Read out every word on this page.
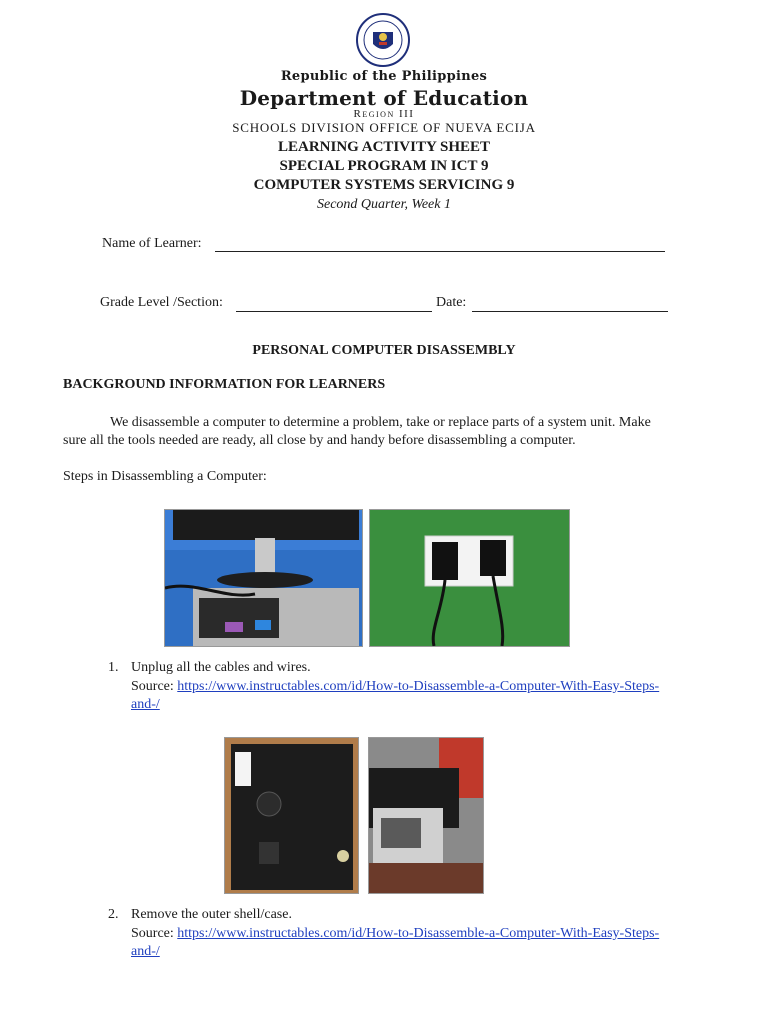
Republic of the Philippines
Department of Education
Region III
SCHOOLS DIVISION OFFICE OF NUEVA ECIJA
LEARNING ACTIVITY SHEET
SPECIAL PROGRAM IN ICT 9
COMPUTER SYSTEMS SERVICING 9
Second Quarter, Week 1
Name of Learner:
Grade Level /Section:	Date:
PERSONAL COMPUTER DISASSEMBLY
BACKGROUND INFORMATION FOR LEARNERS
We disassemble a computer to determine a problem, take or replace parts of a system unit. Make
sure all the tools needed are ready, all close by and handy before disassembling a computer.
Steps in Disassembling a Computer:
1. Unplug all the cables and wires.
Source: https://www.instructables.com/id/How-to-Disassemble-a-Computer-With-Easy-Steps-
and-/
2. Remove the outer shell/case.
Source: https://www.instructables.com/id/How-to-Disassemble-a-Computer-With-Easy-Steps-
and-/
